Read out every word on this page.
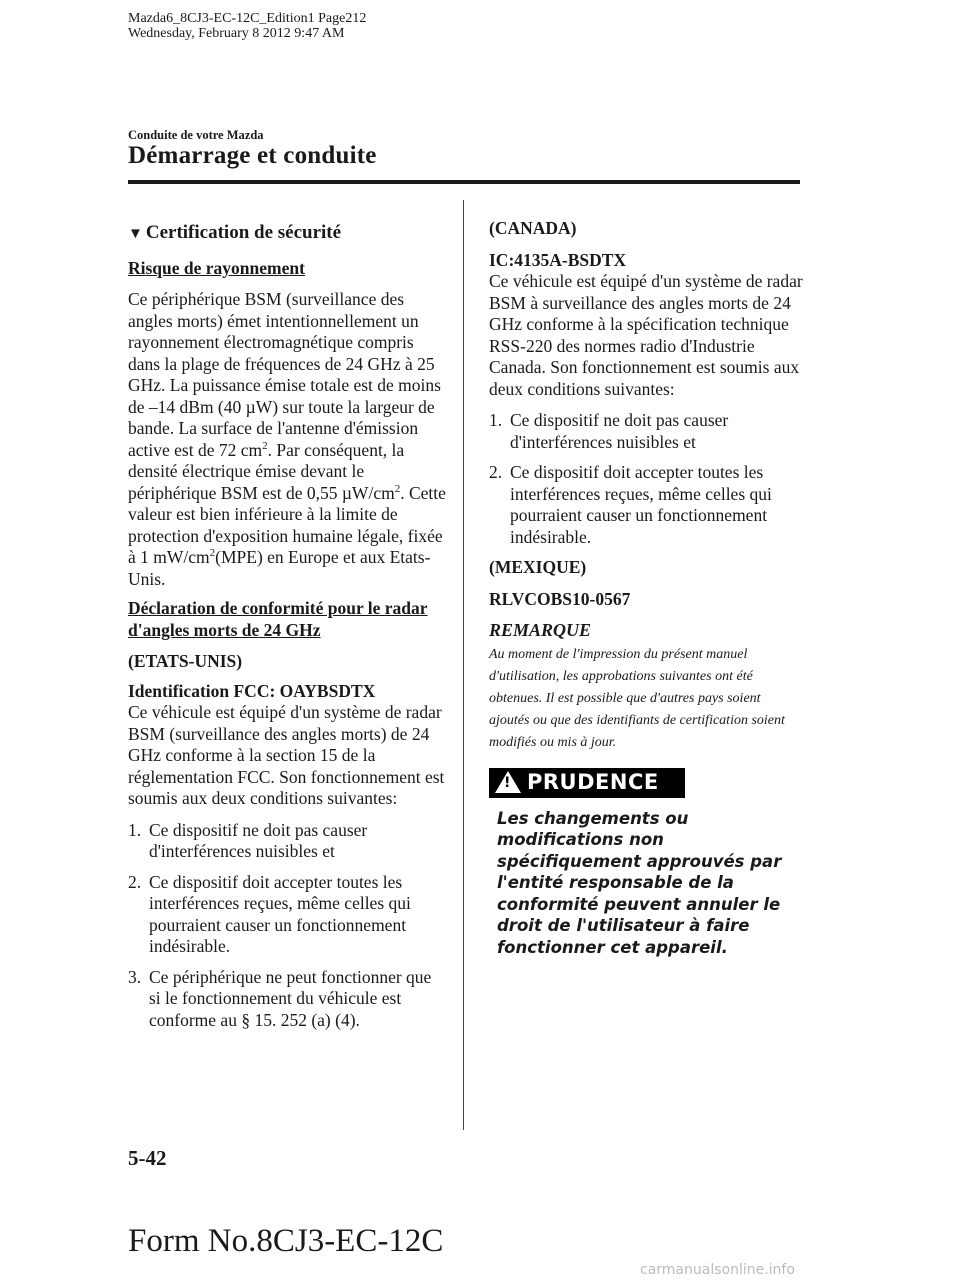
Mazda6_8CJ3-EC-12C_Edition1 Page212
Wednesday, February 8 2012 9:47 AM
Conduite de votre Mazda
Démarrage et conduite
▼ Certification de sécurité
Risque de rayonnement

Ce périphérique BSM (surveillance des angles morts) émet intentionnellement un rayonnement électromagnétique compris dans la plage de fréquences de 24 GHz à 25 GHz. La puissance émise totale est de moins de –14 dBm (40 µW) sur toute la largeur de bande. La surface de l'antenne d'émission active est de 72 $cm^2$. Par conséquent, la densité électrique émise devant le périphérique BSM est de 0,55 $\mu W/cm^2$. Cette valeur est bien inférieure à la limite de protection d'exposition humaine légale, fixée à 1 $mW/cm^2(MPE)$ en Europe et aux Etats-Unis.

Déclaration de conformité pour le radar d'angles morts de 24 GHz

(ETATS-UNIS)

Identification FCC: OAYBSDTX
Ce véhicule est équipé d'un système de radar BSM (surveillance des angles morts) de 24 GHz conforme à la section 15 de la réglementation FCC. Son fonctionnement est soumis aux deux conditions suivantes:

1. Ce dispositif ne doit pas causer d'interférences nuisibles et
2. Ce dispositif doit accepter toutes les interférences reçues, même celles qui pourraient causer un fonctionnement indésirable.
3. Ce périphérique ne peut fonctionner que si le fonctionnement du véhicule est conforme au § 15. 252 (a) (4).

(CANADA)

IC:4135A-BSDTX
Ce véhicule est équipé d'un système de radar BSM à surveillance des angles morts de 24 GHz conforme à la spécification technique RSS-220 des normes radio d'Industrie Canada. Son fonctionnement est soumis aux deux conditions suivantes:

1. Ce dispositif ne doit pas causer d'interférences nuisibles et
2. Ce dispositif doit accepter toutes les interférences reçues, même celles qui pourraient causer un fonctionnement indésirable.

(MEXIQUE)

RLVCOBS10-0567

REMARQUE
Au moment de l'impression du présent manuel d'utilisation, les approbations suivantes ont été obtenues. Il est possible que d'autres pays soient ajoutés ou que des identifiants de certification soient modifiés ou mis à jour.
! PRUDENCE
Les changements ou modifications non spécifiquement approuvés par l'entité responsable de la conformité peuvent annuler le droit de l'utilisateur à faire fonctionner cet appareil.
5-42
Form No.8CJ3-EC-12C
carmanualsonline.info
